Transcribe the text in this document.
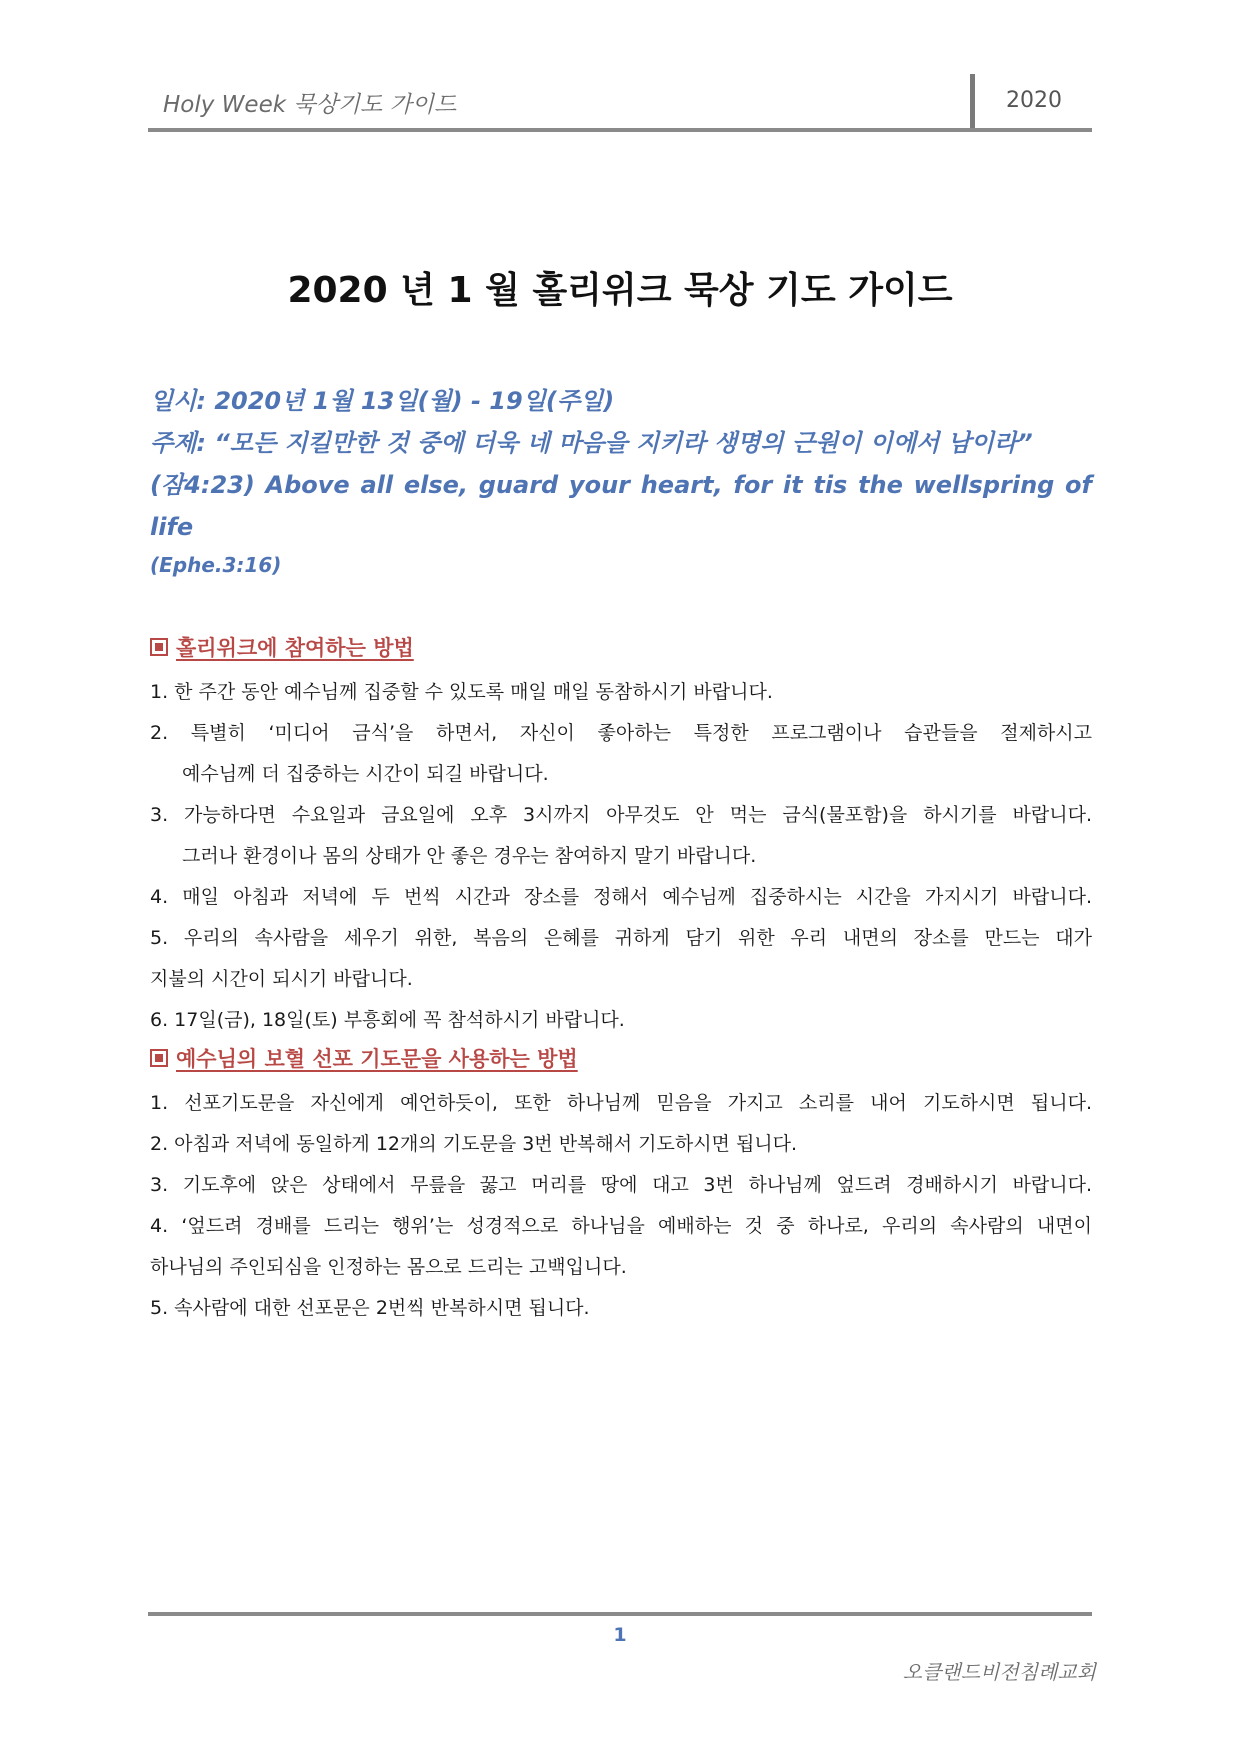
Holy Week 묵상기도 가이드	2020
2020 년 1 월 홀리위크 묵상 기도 가이드
일시: 2020년 1월 13일(월) - 19일(주일)
주제: “모든 지킬만한 것 중에 더욱 네 마음을 지키라 생명의 근원이 이에서 남이라”
(잠4:23) Above all else, guard your heart, for it tis the wellspring of life
(Ephe.3:16)
홀리위크에 참여하는 방법
1. 한 주간 동안 예수님께 집중할 수 있도록 매일 매일 동참하시기 바랍니다.
2. 특별히 ‘미디어 금식’을 하면서, 자신이 좋아하는 특정한 프로그램이나 습관들을 절제하시고
예수님께 더 집중하는 시간이 되길 바랍니다.
3. 가능하다면 수요일과 금요일에 오후 3시까지 아무것도 안 먹는 금식(물포함)을 하시기를 바랍니다.
그러나 환경이나 몸의 상태가 안 좋은 경우는 참여하지 말기 바랍니다.
4. 매일 아침과 저녁에 두 번씩 시간과 장소를 정해서 예수님께 집중하시는 시간을 가지시기 바랍니다.
5. 우리의 속사람을 세우기 위한, 복음의 은혜를 귀하게 담기 위한 우리 내면의 장소를 만드는 대가
지불의 시간이 되시기 바랍니다.
6. 17일(금), 18일(토) 부흥회에 꼭 참석하시기 바랍니다.
예수님의 보혈 선포 기도문을 사용하는 방법
1. 선포기도문을 자신에게 예언하듯이, 또한 하나님께 믿음을 가지고 소리를 내어 기도하시면 됩니다.
2. 아침과 저녁에 동일하게 12개의 기도문을 3번 반복해서 기도하시면 됩니다.
3. 기도후에 앉은 상태에서 무릎을 꿇고 머리를 땅에 대고 3번 하나님께 엎드려 경배하시기 바랍니다.
4. ‘엎드려 경배를 드리는 행위’는 성경적으로 하나님을 예배하는 것 중 하나로, 우리의 속사람의 내면이
하나님의 주인되심을 인정하는 몸으로 드리는 고백입니다.
5. 속사람에 대한 선포문은 2번씩 반복하시면 됩니다.
1
오클랜드비전침례교회
